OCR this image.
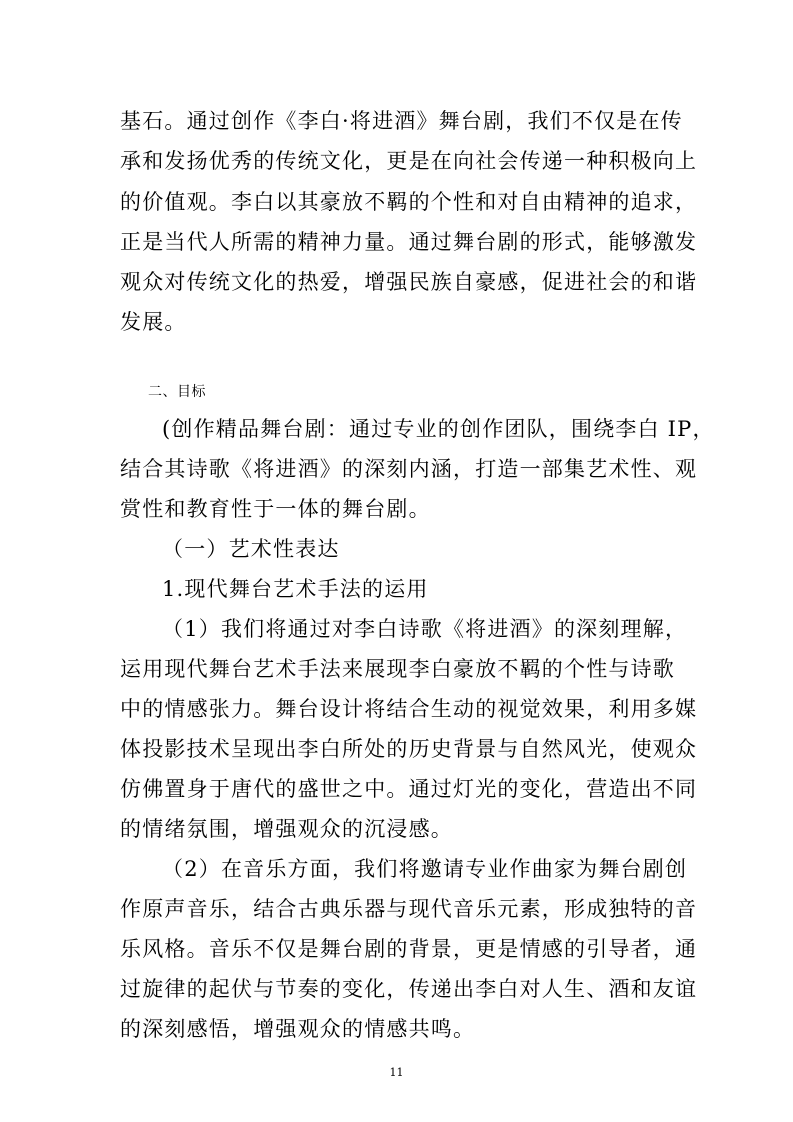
基石。通过创作《李白·将进酒》舞台剧，我们不仅是在传
承和发扬优秀的传统文化，更是在向社会传递一种积极向上
的价值观。李白以其豪放不羁的个性和对自由精神的追求，
正是当代人所需的精神力量。通过舞台剧的形式，能够激发
观众对传统文化的热爱，增强民族自豪感，促进社会的和谐
发展。
二、目标
(创作精品舞台剧：通过专业的创作团队，围绕李白 IP，
结合其诗歌《将进酒》的深刻内涵，打造一部集艺术性、观
赏性和教育性于一体的舞台剧。
（一）艺术性表达
1.现代舞台艺术手法的运用
（1）我们将通过对李白诗歌《将进酒》的深刻理解，
运用现代舞台艺术手法来展现李白豪放不羁的个性与诗歌
中的情感张力。舞台设计将结合生动的视觉效果，利用多媒
体投影技术呈现出李白所处的历史背景与自然风光，使观众
仿佛置身于唐代的盛世之中。通过灯光的变化，营造出不同
的情绪氛围，增强观众的沉浸感。
（2）在音乐方面，我们将邀请专业作曲家为舞台剧创
作原声音乐，结合古典乐器与现代音乐元素，形成独特的音
乐风格。音乐不仅是舞台剧的背景，更是情感的引导者，通
过旋律的起伏与节奏的变化，传递出李白对人生、酒和友谊
的深刻感悟，增强观众的情感共鸣。
11
